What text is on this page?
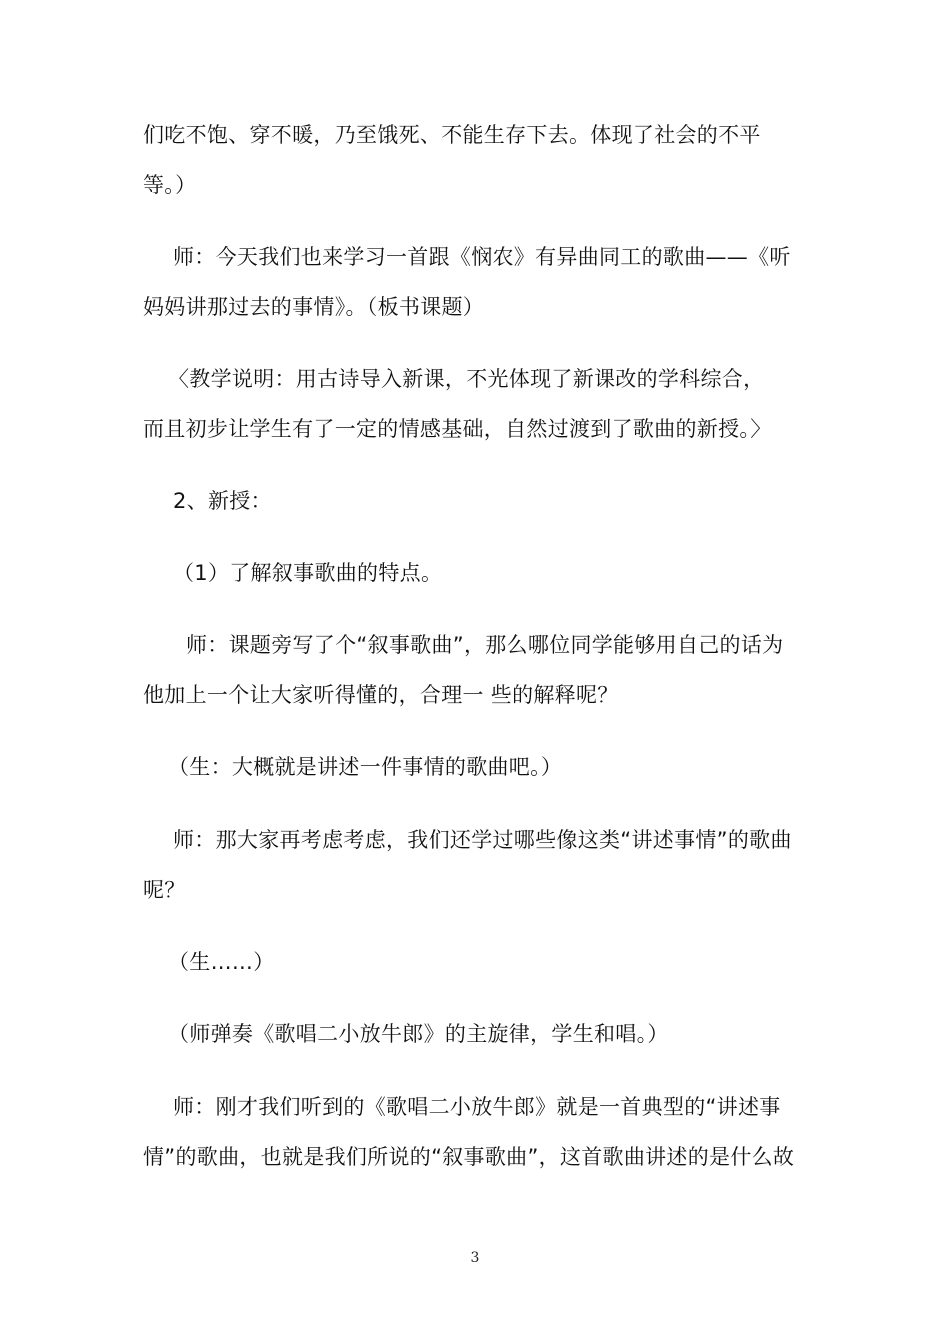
们吃不饱、穿不暖，乃至饿死、不能生存下去。体现了社会的不平
等。）
师：今天我们也来学习一首跟《悯农》有异曲同工的歌曲——《听
妈妈讲那过去的事情》。（板书课题）
〈教学说明：用古诗导入新课，不光体现了新课改的学科综合，
而且初步让学生有了一定的情感基础，自然过渡到了歌曲的新授。〉
2、新授：
（1）了解叙事歌曲的特点。
师：课题旁写了个“叙事歌曲”，那么哪位同学能够用自己的话为
他加上一个让大家听得懂的，合理一 些的解释呢？
（生：大概就是讲述一件事情的歌曲吧。）
师：那大家再考虑考虑，我们还学过哪些像这类“讲述事情”的歌曲
呢？
（生……）
（师弹奏《歌唱二小放牛郎》的主旋律，学生和唱。）
师：刚才我们听到的《歌唱二小放牛郎》就是一首典型的“讲述事
情”的歌曲，也就是我们所说的“叙事歌曲”，这首歌曲讲述的是什么故
3
